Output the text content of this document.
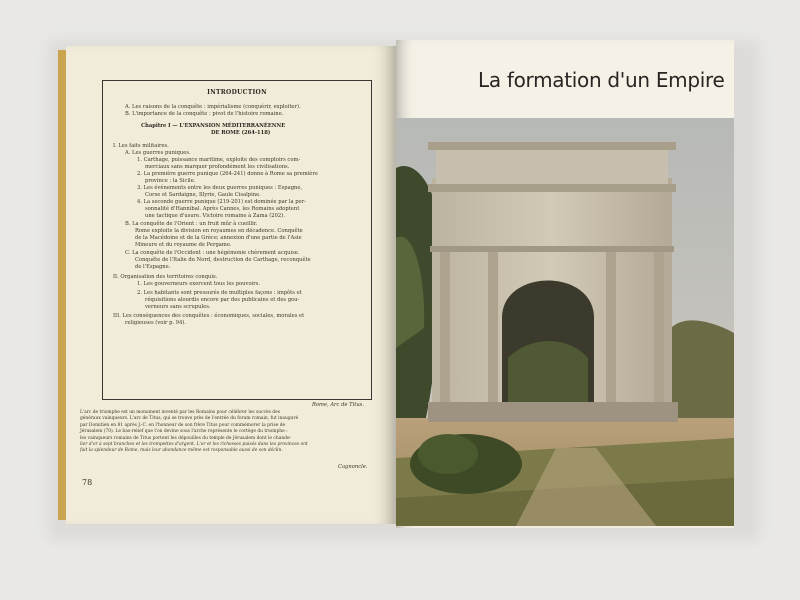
INTRODUCTION
A. Les raisons de la conquête : impérialisme (conquérir, exploiter).
B. L'importance de la conquête : pivot de l'histoire romaine.
Chapitre I — L'EXPANSION MÉDITERRANÉENNE
DE ROME (264-118)
I. Les faits militaires.
A. Les guerres puniques.
1. Carthage, puissance maritime, exploite des comptoirs com-
merciaux sans marquer profondément les civilisations.
2. La première guerre punique (264-241) donne à Rome sa première
province : la Sicile.
3. Les événements entre les deux guerres puniques : Espagne,
Corse et Sardaigne, Illyrie, Gaule Cisalpine.
4. La seconde guerre punique (219-201) est dominée par la per-
sonnalité d'Hannibal. Après Cannes, les Romains adoptent
une tactique d'usure. Victoire romaine à Zama (202).
B. La conquête de l'Orient : un fruit mûr à cueillir.
Rome exploite la division en royaumes en décadence. Conquête
de la Macédoine et de la Grèce; annexion d'une partie de l'Asie
Mineure et du royaume de Pergame.
C. La conquête de l'Occident : une hégémonie chèrement acquise.
Conquête de l'Italie du Nord, destruction de Carthage, reconquête
de l'Espagne.
II. Organisation des territoires conquis.
1. Les gouverneurs exercent tous les pouvoirs.
2. Les habitants sont pressurés de multiples façons : impôts et
réquisitions alourdis encore par des publicains et des gou-
verneurs sans scrupules.
III. Les conséquences des conquêtes : économiques, sociales, morales et
religieuses (voir p. 94).
Rome, Arc de Titus.
L'arc de triomphe est un monument inventé par les Romains pour célébrer les succès des
généraux vainqueurs. L'arc de Titus, qui se trouve près de l'entrée du forum romain, fut inauguré
par Domitien en 81 après J.-C. en l'honneur de son frère Titus pour commémorer la prise de
Jérusalem (70). Le bas-relief que l'on devine sous l'arche représente le cortège du triomphe :
les vainqueurs romains de Titus portent les dépouilles du temple de Jérusalem dont le chande-
lier d'or à sept branches et les trompettes d'argent. L'or et les richesses puisés dans les provinces ont
fait la splendeur de Rome, mais leur abondance même est responsable aussi de son déclin.
Cagnoncle.
78
La formation d'un Empire
